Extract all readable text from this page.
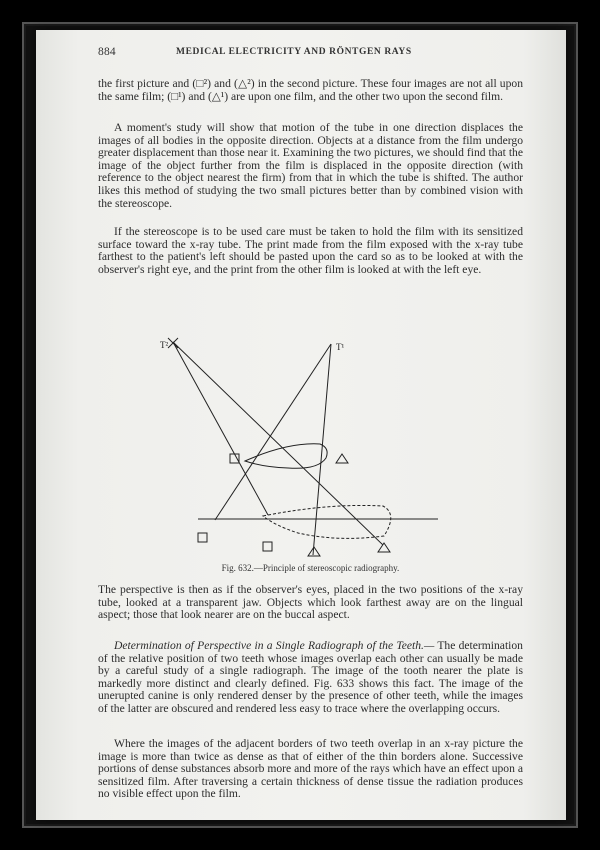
884	MEDICAL ELECTRICITY AND RÖNTGEN RAYS

the first picture and (□²) and (△²) in the second picture. These four images are not all upon the same film; (□¹) and (△¹) are upon one film, and the other two upon the second film.

A moment's study will show that motion of the tube in one direction displaces the images of all bodies in the opposite direction. Objects at a distance from the film undergo greater displacement than those near it. Examining the two pictures, we should find that the image of the object further from the film is displaced in the opposite direction (with reference to the object nearest the firm) from that in which the tube is shifted. The author likes this method of studying the two small pictures better than by combined vision with the stereoscope.

If the stereoscope is to be used care must be taken to hold the film with its sensitized surface toward the x-ray tube. The print made from the film exposed with the x-ray tube farthest to the patient's left should be pasted upon the card so as to be looked at with the observer's right eye, and the print from the other film is looked at with the left eye.

T²	T¹
Fig. 632.—Principle of stereoscopic radiography.

The perspective is then as if the observer's eyes, placed in the two positions of the x-ray tube, looked at a transparent jaw. Objects which look farthest away are on the lingual aspect; those that look nearer are on the buccal aspect.

Determination of Perspective in a Single Radiograph of the Teeth.— The determination of the relative position of two teeth whose images overlap each other can usually be made by a careful study of a single radiograph. The image of the tooth nearer the plate is markedly more distinct and clearly defined. Fig. 633 shows this fact. The image of the unerupted canine is only rendered denser by the presence of other teeth, while the images of the latter are obscured and rendered less easy to trace where the overlapping occurs.

Where the images of the adjacent borders of two teeth overlap in an x-ray picture the image is more than twice as dense as that of either of the thin borders alone. Successive portions of dense substances absorb more and more of the rays which have an effect upon a sensitized film. After traversing a certain thickness of dense tissue the radiation produces no visible effect upon the film.
